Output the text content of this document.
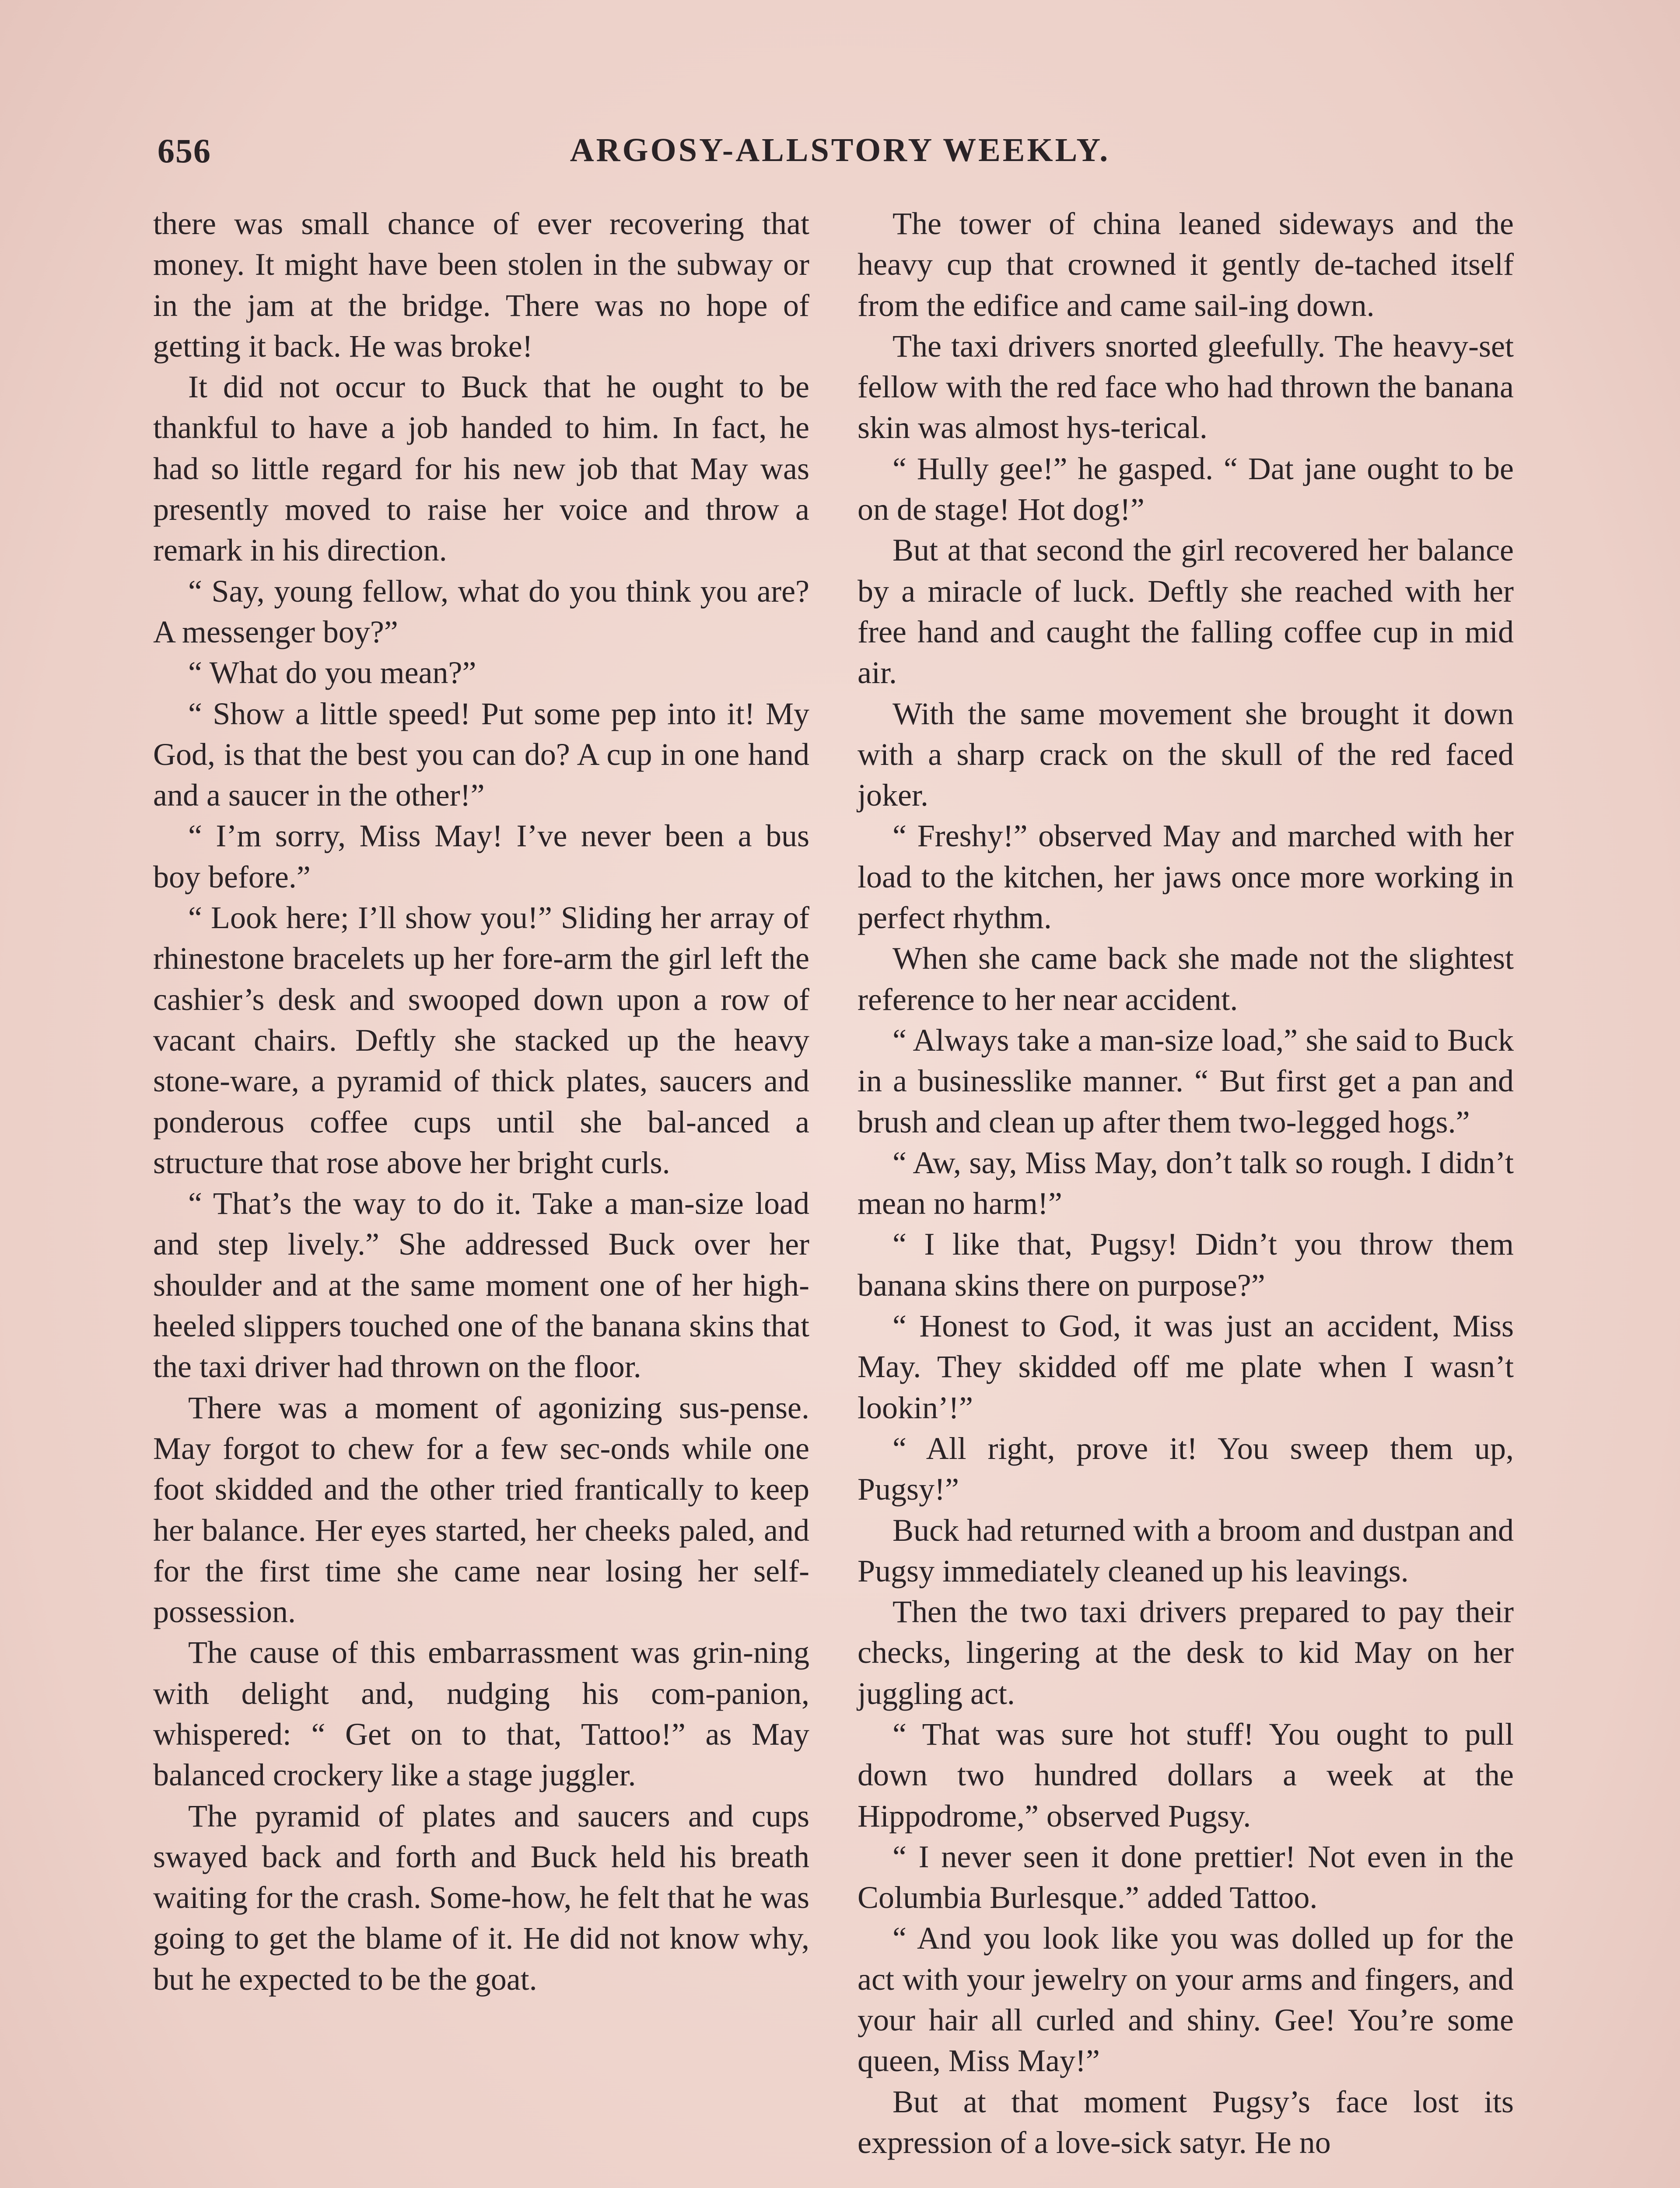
656	ARGOSY-ALLSTORY WEEKLY.

there was small chance of ever recovering that money. It might have been stolen in the subway or in the jam at the bridge. There was no hope of getting it back. He was broke!

It did not occur to Buck that he ought to be thankful to have a job handed to him. In fact, he had so little regard for his new job that May was presently moved to raise her voice and throw a remark in his direction.

“ Say, young fellow, what do you think you are? A messenger boy?”

“ What do you mean?”

“ Show a little speed! Put some pep into it! My God, is that the best you can do? A cup in one hand and a saucer in the other!”

“ I’m sorry, Miss May! I’ve never been a bus boy before.”

“ Look here; I’ll show you!” Sliding her array of rhinestone bracelets up her fore-arm the girl left the cashier’s desk and swooped down upon a row of vacant chairs. Deftly she stacked up the heavy stone-ware, a pyramid of thick plates, saucers and ponderous coffee cups until she bal-anced a structure that rose above her bright curls.

“ That’s the way to do it. Take a man-size load and step lively.” She addressed Buck over her shoulder and at the same moment one of her high-heeled slippers touched one of the banana skins that the taxi driver had thrown on the floor.

There was a moment of agonizing sus-pense. May forgot to chew for a few sec-onds while one foot skidded and the other tried frantically to keep her balance. Her eyes started, her cheeks paled, and for the first time she came near losing her self-possession.

The cause of this embarrassment was grin-ning with delight and, nudging his com-panion, whispered: “ Get on to that, Tattoo!” as May balanced crockery like a stage juggler.

The pyramid of plates and saucers and cups swayed back and forth and Buck held his breath waiting for the crash. Some-how, he felt that he was going to get the blame of it. He did not know why, but he expected to be the goat.

The tower of china leaned sideways and the heavy cup that crowned it gently de-tached itself from the edifice and came sail-ing down.

The taxi drivers snorted gleefully. The heavy-set fellow with the red face who had thrown the banana skin was almost hys-terical.

“ Hully gee!” he gasped. “ Dat jane ought to be on de stage! Hot dog!”

But at that second the girl recovered her balance by a miracle of luck. Deftly she reached with her free hand and caught the falling coffee cup in mid air.

With the same movement she brought it down with a sharp crack on the skull of the red faced joker.

“ Freshy!” observed May and marched with her load to the kitchen, her jaws once more working in perfect rhythm.

When she came back she made not the slightest reference to her near accident.

“ Always take a man-size load,” she said to Buck in a businesslike manner. “ But first get a pan and brush and clean up after them two-legged hogs.”

“ Aw, say, Miss May, don’t talk so rough. I didn’t mean no harm!”

“ I like that, Pugsy! Didn’t you throw them banana skins there on purpose?”

“ Honest to God, it was just an accident, Miss May. They skidded off me plate when I wasn’t lookin’!”

“ All right, prove it! You sweep them up, Pugsy!”

Buck had returned with a broom and dustpan and Pugsy immediately cleaned up his leavings.

Then the two taxi drivers prepared to pay their checks, lingering at the desk to kid May on her juggling act.

“ That was sure hot stuff! You ought to pull down two hundred dollars a week at the Hippodrome,” observed Pugsy.

“ I never seen it done prettier! Not even in the Columbia Burlesque.” added Tattoo.

“ And you look like you was dolled up for the act with your jewelry on your arms and fingers, and your hair all curled and shiny. Gee! You’re some queen, Miss May!”

But at that moment Pugsy’s face lost its expression of a love-sick satyr. He no
